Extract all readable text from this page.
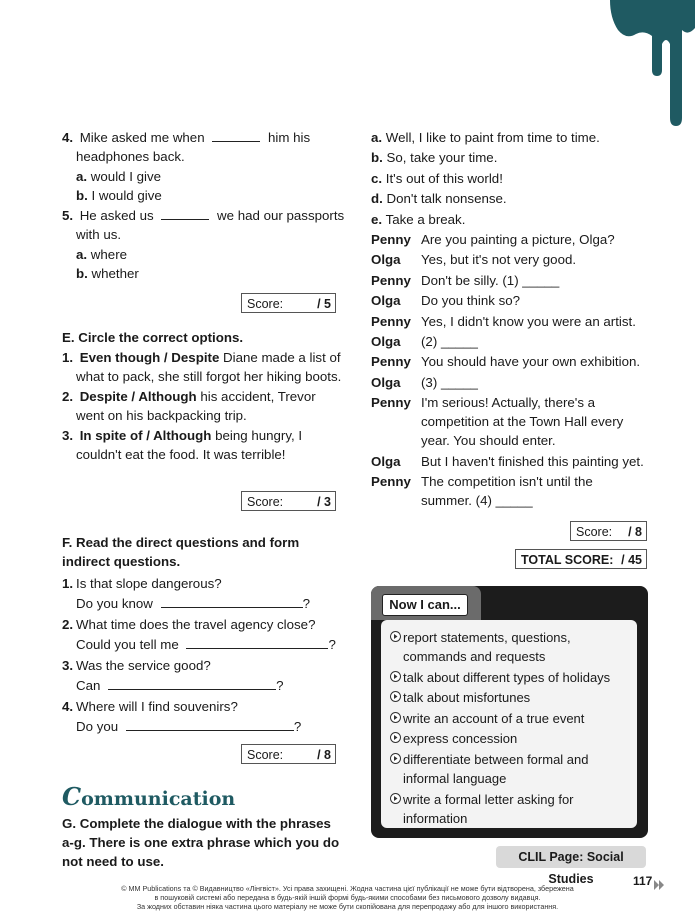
4. Mike asked me when	him his
headphones back.
a. would I give
b. I would give
5. He asked us	we had our passports
with us.
a. where
b. whether
Score:	/ 5
E. Circle the correct options.
1. Even though / Despite Diane made a list of
what to pack, she still forgot her hiking boots.
2. Despite / Although his accident, Trevor
went on his backpacking trip.
3. In spite of / Although being hungry, I
couldn't eat the food. It was terrible!
Score:	/ 3
F. Read the direct questions and form
indirect questions.
1. Is that slope dangerous?
Do you know	?
2. What time does the travel agency close?
Could you tell me	?
3. Was the service good?
Can	?
4. Where will I find souvenirs?
Do you	?
Score:	/ 8
Communication
G. Complete the dialogue with the phrases
a-g. There is one extra phrase which you do
not need to use.
a. Well, I like to paint from time to time.
b. So, take your time.
c. It's out of this world!
d. Don't talk nonsense.
e. Take a break.
Penny Are you painting a picture, Olga?
Olga Yes, but it's not very good.
Penny Don't be silly. (1) _____
Olga Do you think so?
Penny Yes, I didn't know you were an artist.
Olga (2) _____
Penny You should have your own exhibition.
Olga (3) _____
Penny I'm serious! Actually, there's a
competition at the Town Hall every
year. You should enter.
Olga But I haven't finished this painting yet.
Penny The competition isn't until the
summer. (4) _____
Score: / 8
TOTAL SCORE: / 45
Now I can...
report statements, questions,
commands and requests
talk about different types of holidays
talk about misfortunes
write an account of a true event
express concession
differentiate between formal and
informal language
write a formal letter asking for
information
CLIL Page: Social Studies	117
© MM Publications та © Видавництво «Лінгвіст». Усі права захищені. Жодна частина цієї публікації не може бути відтворена, збережена
в пошуковій системі або передана в будь-якій іншій формі будь-якими способами без письмового дозволу видавця.
За жодних обставин ніяка частина цього матеріалу не може бути скопійована для перепродажу або для іншого використання.
